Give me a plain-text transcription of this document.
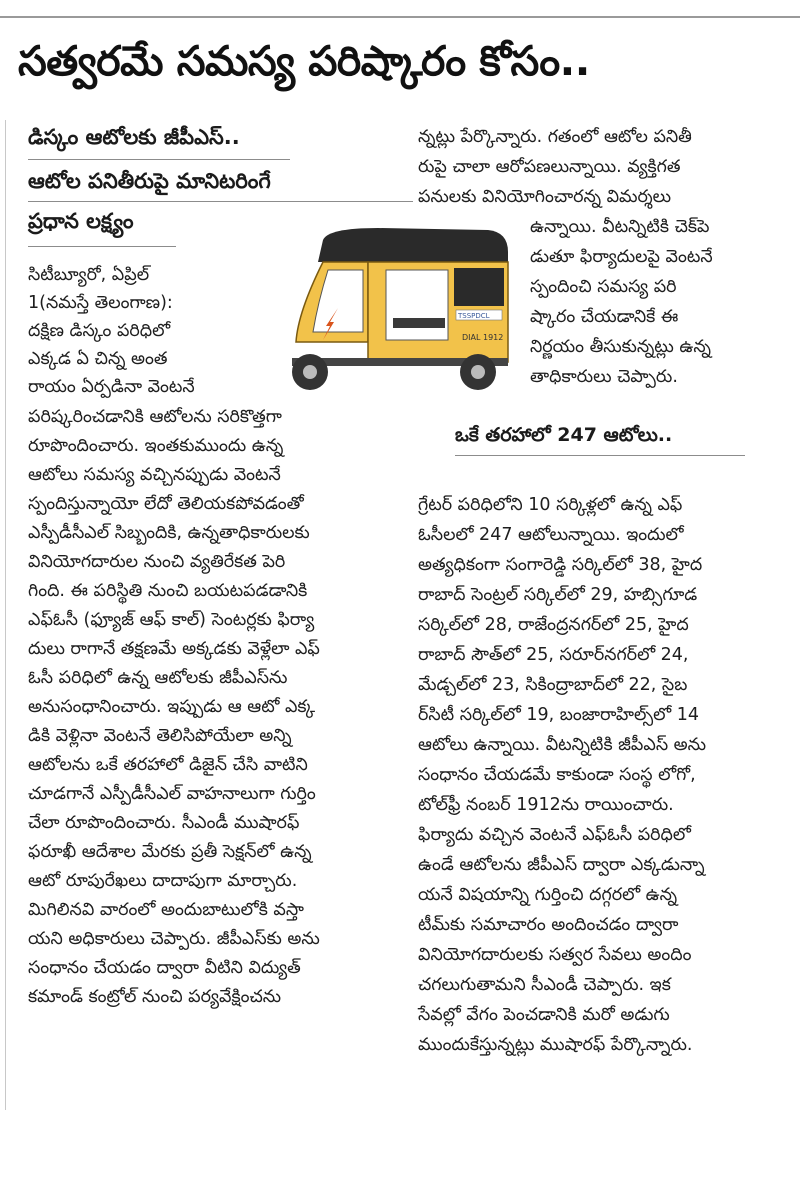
సత్వరమే సమస్య పరిష్కారం కోసం..
డిస్కం ఆటోలకు జీపీఎస్..
ఆటోల పనితీరుపై మానిటరింగే
ప్రధాన లక్ష్యం
TSSPDCL
DIAL 1912
సిటీబ్యూరో, ఏప్రిల్
1(నమస్తే తెలంగాణ):
దక్షిణ డిస్కం పరిధిలో
ఎక్కడ ఏ చిన్న అంత
రాయం ఏర్పడినా వెంటనే
పరిష్కరించడానికి ఆటోలను సరికొత్తగా
రూపొందించారు. ఇంతకుముందు ఉన్న
ఆటోలు సమస్య వచ్చినప్పుడు వెంటనే
స్పందిస్తున్నాయో లేదో తెలియకపోవడంతో
ఎస్పీడీసీఎల్ సిబ్బందికి, ఉన్నతాధికారులకు
వినియోగదారుల నుంచి వ్యతిరేకత పెరి
గింది. ఈ పరిస్థితి నుంచి బయటపడడానికి
ఎఫ్ఓసీ (ఫ్యూజ్ ఆఫ్ కాల్) సెంటర్లకు ఫిర్యా
దులు రాగానే తక్షణమే అక్కడకు వెళ్లేలా ఎఫ్
ఓసీ పరిధిలో ఉన్న ఆటోలకు జీపీఎస్‌ను
అనుసంధానించారు. ఇప్పుడు ఆ ఆటో ఎక్క
డికి వెళ్లినా వెంటనే తెలిసిపోయేలా అన్ని
ఆటోలను ఒకే తరహాలో డిజైన్ చేసి వాటిని
చూడగానే ఎస్పీడీసీఎల్ వాహనాలుగా గుర్తిం
చేలా రూపొందించారు. సీఎండీ ముషారఫ్
ఫరూఖీ ఆదేశాల మేరకు ప్రతీ సెక్షన్‌లో ఉన్న
ఆటో రూపురేఖలు దాదాపుగా మార్చారు.
మిగిలినవి వారంలో అందుబాటులోకి వస్తా
యని అధికారులు చెప్పారు. జీపీఎస్‌కు అను
సంధానం చేయడం ద్వారా వీటిని విద్యుత్
కమాండ్ కంట్రోల్ నుంచి పర్యవేక్షించను
న్నట్లు పేర్కొన్నారు. గతంలో ఆటోల పనితీ
రుపై చాలా ఆరోపణలున్నాయి. వ్యక్తిగత
పనులకు వినియోగించారన్న విమర్శలు
ఉన్నాయి. వీటన్నిటికి చెక్‌పె
డుతూ ఫిర్యాదులపై వెంటనే
స్పందించి సమస్య పరి
ష్కారం చేయడానికే ఈ
నిర్ణయం తీసుకున్నట్లు ఉన్న
తాధికారులు చెప్పారు.
ఒకే తరహాలో 247 ఆటోలు..
గ్రేటర్ పరిధిలోని 10 సర్కిళ్లలో ఉన్న ఎఫ్
ఓసీలలో 247 ఆటోలున్నాయి. ఇందులో
అత్యధికంగా సంగారెడ్డి సర్కిల్‌లో 38, హైద
రాబాద్ సెంట్రల్ సర్కిల్‌లో 29, హబ్సిగూడ
సర్కిల్‌లో 28, రాజేంద్రనగర్‌లో 25, హైద
రాబాద్ సౌత్‌లో 25, సరూర్‌నగర్‌లో 24,
మేడ్చల్‌లో 23, సికింద్రాబాద్‌లో 22, సైబ
ర్‌సిటీ సర్కిల్‌లో 19, బంజారాహిల్స్‌లో 14
ఆటోలు ఉన్నాయి. వీటన్నిటికి జీపీఎస్ అను
సంధానం చేయడమే కాకుండా సంస్థ లోగో,
టోల్‌ఫ్రీ నంబర్ 1912ను రాయించారు.
ఫిర్యాదు వచ్చిన వెంటనే ఎఫ్ఓసీ పరిధిలో
ఉండే ఆటోలను జీపీఎస్ ద్వారా ఎక్కడున్నా
యనే విషయాన్ని గుర్తించి దగ్గరలో ఉన్న
టీమ్‌కు సమాచారం అందించడం ద్వారా
వినియోగదారులకు సత్వర సేవలు అందిం
చగలుగుతామని సీఎండీ చెప్పారు. ఇక
సేవల్లో వేగం పెంచడానికి మరో అడుగు
ముందుకేస్తున్నట్లు ముషారఫ్ పేర్కొన్నారు.
